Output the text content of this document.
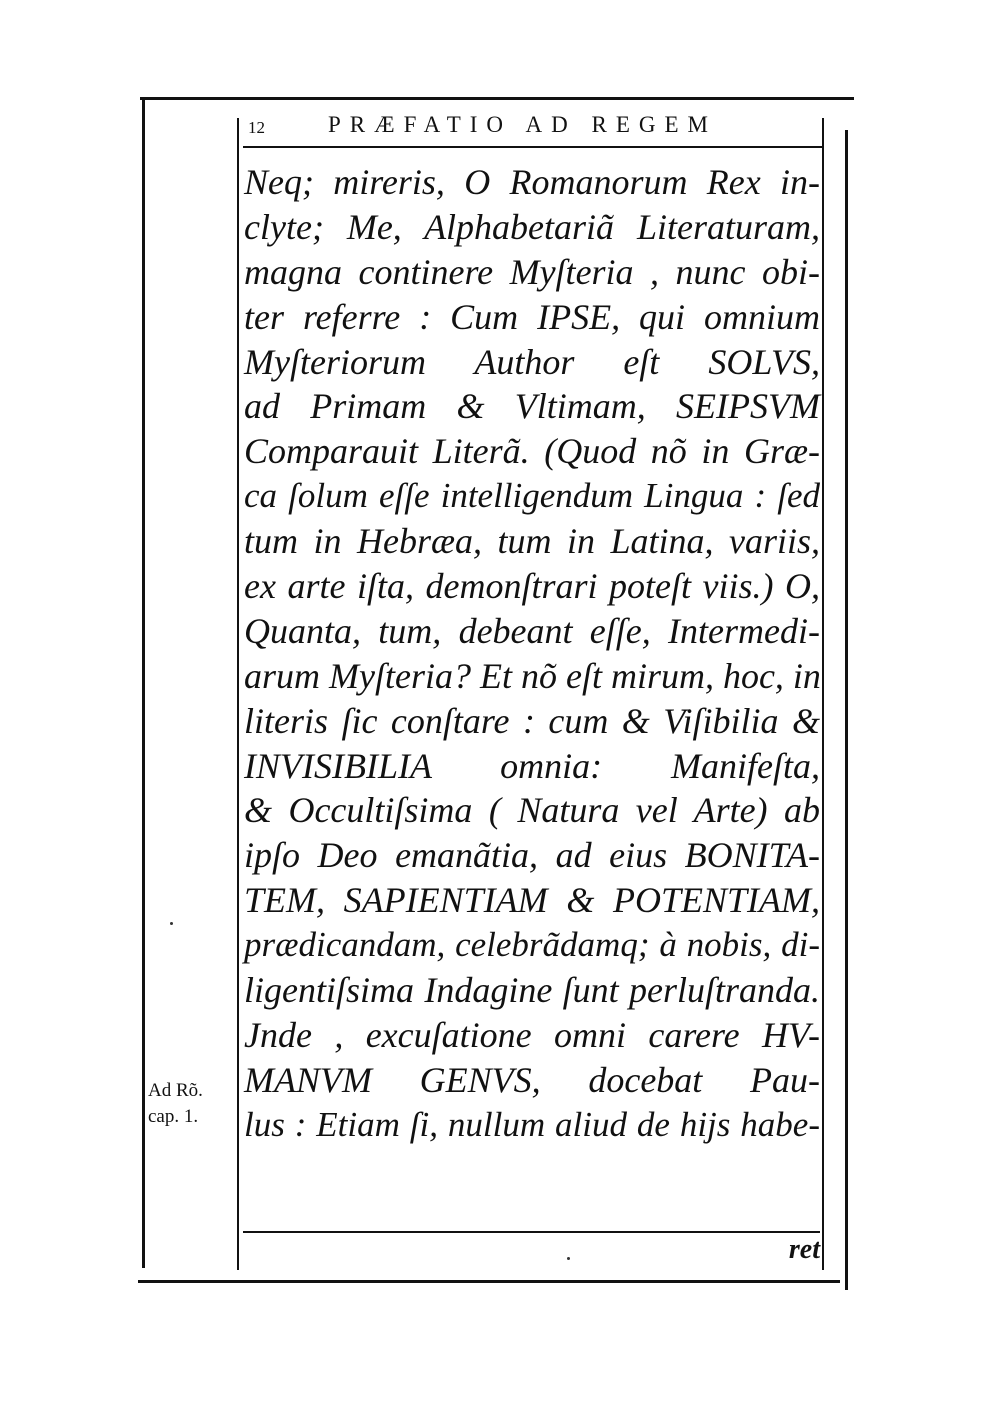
12	PRÆFATIO AD REGEM
Neq; mireris, O Romanorum Rex in-
clyte; Me, Alphabetariã Literaturam,
magna continere Myſteria , nunc obi-
ter referre : Cum IPSE, qui omnium
Myſteriorum Author eſt SOLVS,
ad Primam & Vltimam, SEIPSVM
Comparauit Literã. (Quod nõ in Græ-
ca ſolum eſſe intelligendum Lingua : ſed
tum in Hebræa, tum in Latina, variis,
ex arte iſta, demonſtrari poteſt viis.) O,
Quanta, tum, debeant eſſe, Intermedi-
arum Myſteria? Et nõ eſt mirum, hoc, in
literis ſic conſtare : cum & Viſibilia &
INVISIBILIA omnia: Manifeſta,
& Occultiſsima ( Natura vel Arte) ab
ipſo Deo emanãtia, ad eius BONITA-
TEM, SAPIENTIAM & POTENTIAM,
prædicandam, celebrãdamq; à nobis, di-
ligentiſsima Indagine ſunt perluſtranda.
Jnde , excuſatione omni carere HV-
MANVM GENVS, docebat Pau-
lus : Etiam ſi, nullum aliud de hijs habe-
ret
Ad Rõ.
cap. 1.
